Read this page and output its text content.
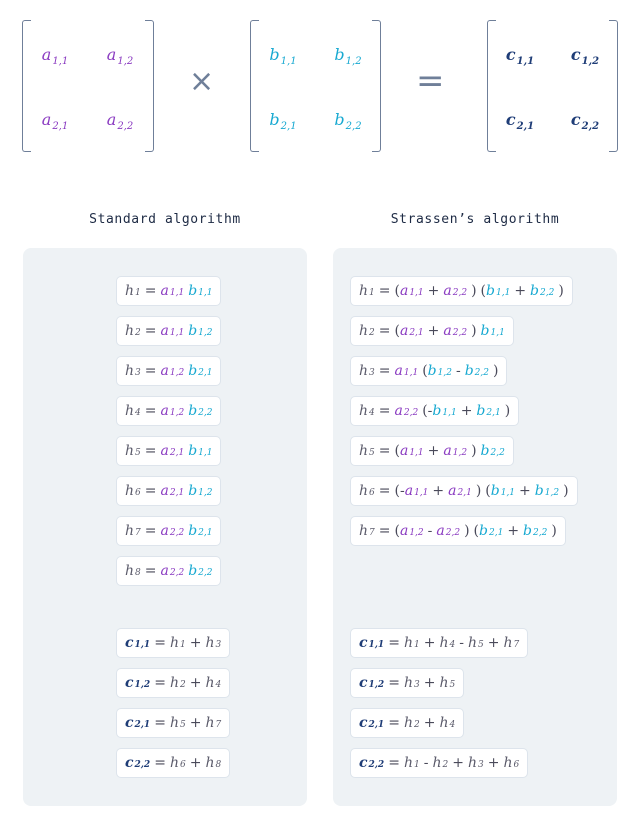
$a_{1,1}$ $a_{1,2}$
$a_{2,1}$ $a_{2,2}$
×
$b_{1,1}$ $b_{1,2}$
$b_{2,1}$ $b_{2,2}$
=
$c_{1,1}$ $c_{1,2}$
$c_{2,1}$ $c_{2,2}$
Standard algorithm	Strassen’s algorithm
h 1 = a 1,1 b 1,1
h 2 = a 1,1 b 1,2
h 3 = a 1,2 b 2,1
h 4 = a 1,2 b 2,2
h 5 = a 2,1 b 1,1
h 6 = a 2,1 b 1,2
h 7 = a 2,2 b 2,1
h 8 = a 2,2 b 2,2
c 1,1 = h 1 + h 3
c 1,2 = h 2 + h 4
c 2,1 = h 5 + h 7
c 2,2 = h 6 + h 8
h 1 = ( a 1,1 + a 2,2 ) ( b 1,1 + b 2,2 )
h 2 = ( a 2,1 + a 2,2 ) b 1,1
h 3 = a 1,1 ( b 1,2 - b 2,2 )
h 4 = a 2,2 ( - b 1,1 + b 2,1 )
h 5 = ( a 1,1 + a 1,2 ) b 2,2
h 6 = ( - a 1,1 + a 2,1 ) ( b 1,1 + b 1,2 )
h 7 = ( a 1,2 - a 2,2 ) ( b 2,1 + b 2,2 )
c 1,1 = h 1 + h 4 - h 5 + h 7
c 1,2 = h 3 + h 5
c 2,1 = h 2 + h 4
c 2,2 = h 1 - h 2 + h 3 + h 6
